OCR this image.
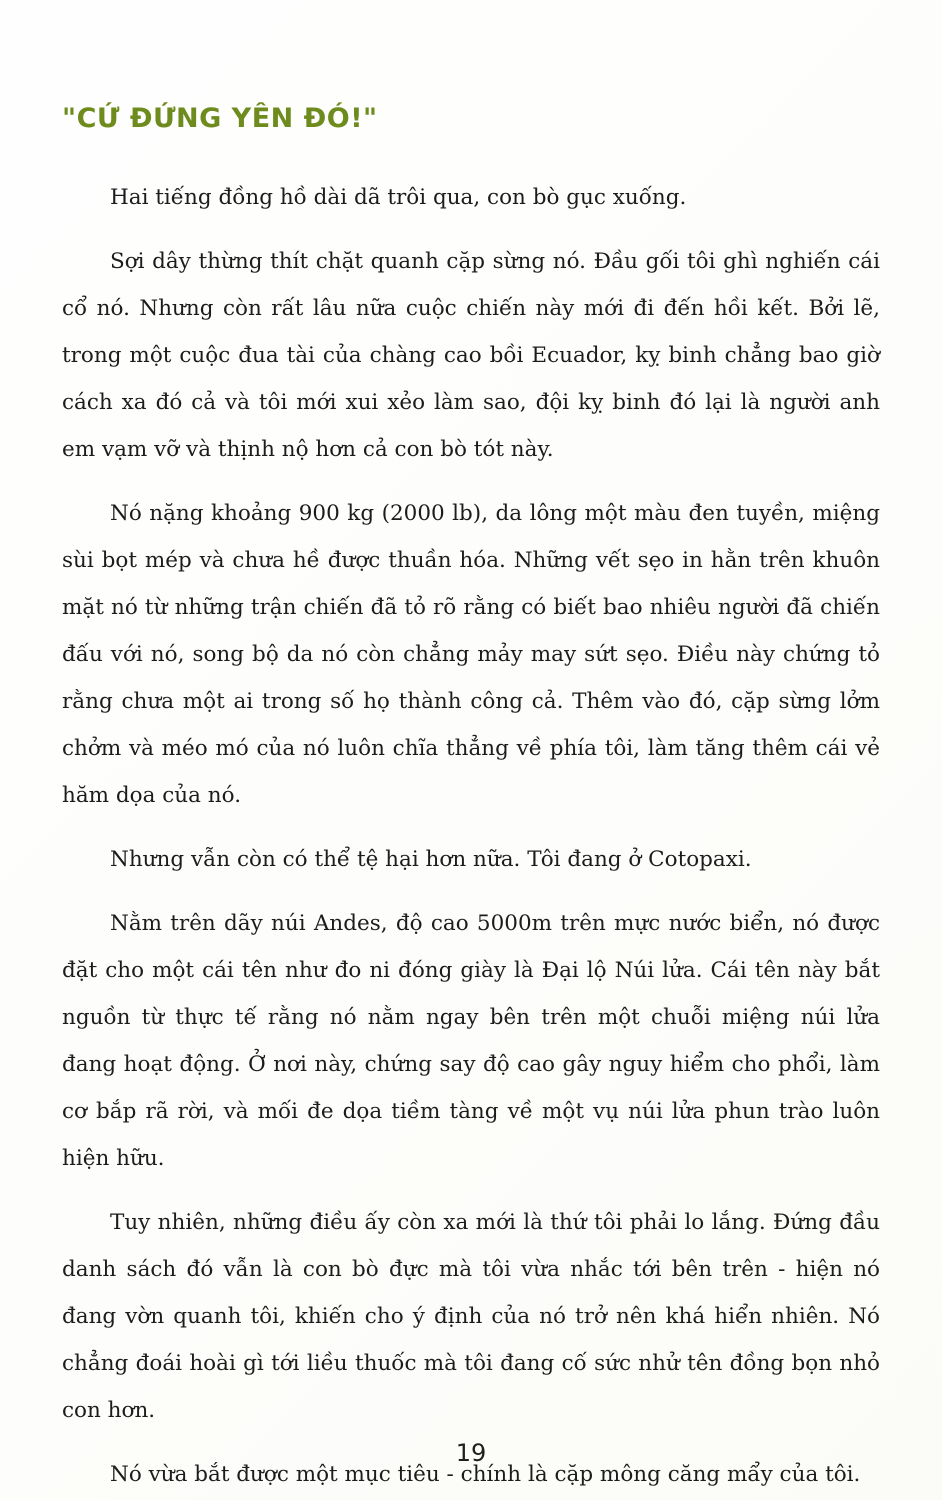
"CỨ ĐỨNG YÊN ĐÓ!"

Hai tiếng đồng hồ dài dã trôi qua, con bò gục xuống.

Sợi dây thừng thít chặt quanh cặp sừng nó. Đầu gối tôi ghì nghiến cái cổ nó. Nhưng còn rất lâu nữa cuộc chiến này mới đi đến hồi kết. Bởi lẽ, trong một cuộc đua tài của chàng cao bồi Ecuador, kỵ binh chẳng bao giờ cách xa đó cả và tôi mới xui xẻo làm sao, đội kỵ binh đó lại là người anh em vạm vỡ và thịnh nộ hơn cả con bò tót này.

Nó nặng khoảng 900 kg (2000 lb), da lông một màu đen tuyền, miệng sùi bọt mép và chưa hề được thuần hóa. Những vết sẹo in hằn trên khuôn mặt nó từ những trận chiến đã tỏ rõ rằng có biết bao nhiêu người đã chiến đấu với nó, song bộ da nó còn chẳng mảy may sứt sẹo. Điều này chứng tỏ rằng chưa một ai trong số họ thành công cả. Thêm vào đó, cặp sừng lởm chởm và méo mó của nó luôn chĩa thẳng về phía tôi, làm tăng thêm cái vẻ hăm dọa của nó.

Nhưng vẫn còn có thể tệ hại hơn nữa. Tôi đang ở Cotopaxi.

Nằm trên dãy núi Andes, độ cao 5000m trên mực nước biển, nó được đặt cho một cái tên như đo ni đóng giày là Đại lộ Núi lửa. Cái tên này bắt nguồn từ thực tế rằng nó nằm ngay bên trên một chuỗi miệng núi lửa đang hoạt động. Ở nơi này, chứng say độ cao gây nguy hiểm cho phổi, làm cơ bắp rã rời, và mối đe dọa tiềm tàng về một vụ núi lửa phun trào luôn hiện hữu.

Tuy nhiên, những điều ấy còn xa mới là thứ tôi phải lo lắng. Đứng đầu danh sách đó vẫn là con bò đực mà tôi vừa nhắc tới bên trên - hiện nó đang vờn quanh tôi, khiến cho ý định của nó trở nên khá hiển nhiên. Nó chẳng đoái hoài gì tới liều thuốc mà tôi đang cố sức nhử tên đồng bọn nhỏ con hơn.

Nó vừa bắt được một mục tiêu - chính là cặp mông căng mẩy của tôi.

19
